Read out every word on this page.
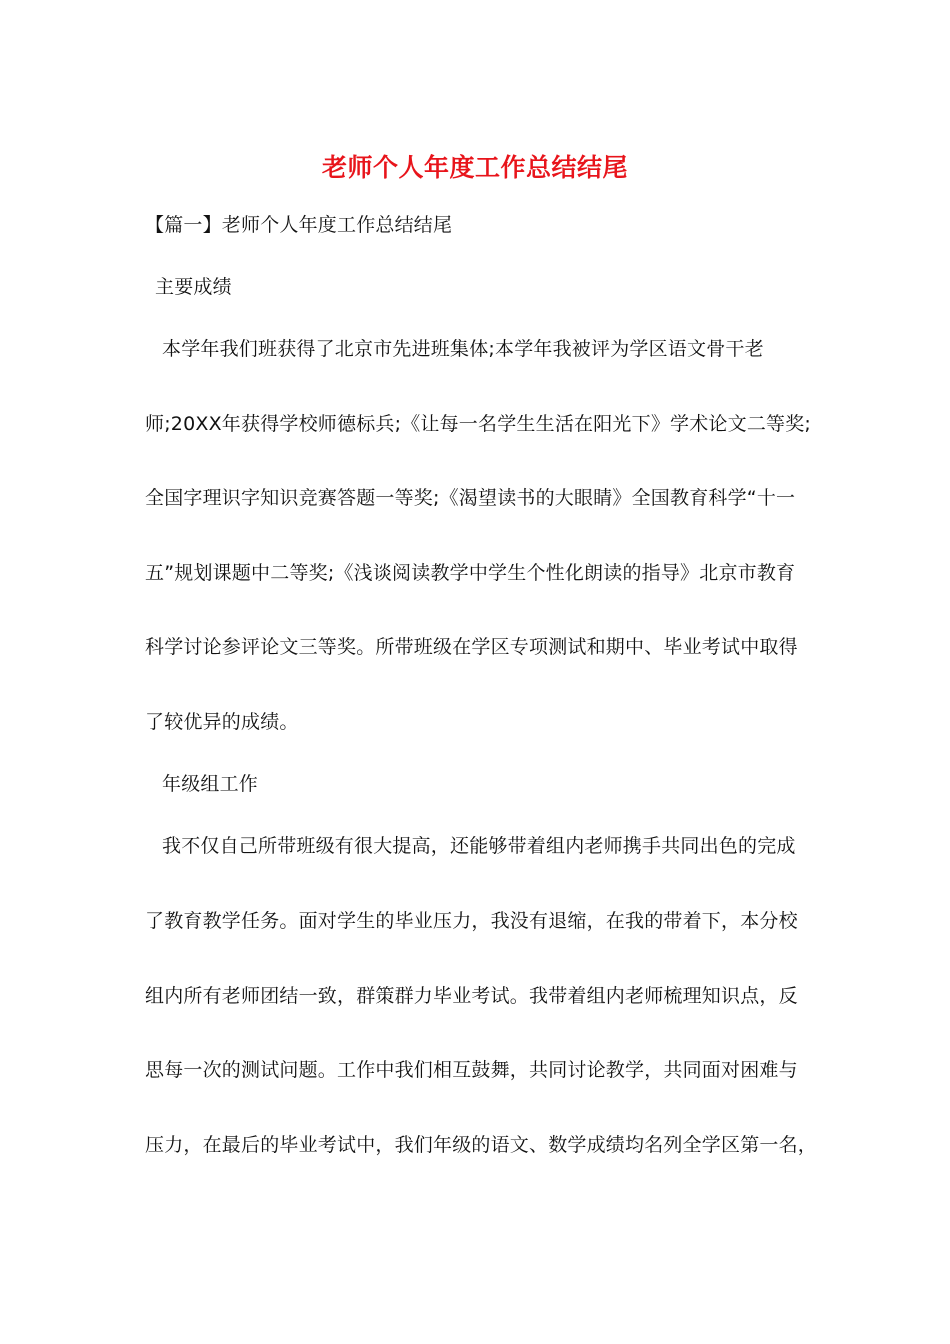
老师个人年度工作总结结尾
【篇一】老师个人年度工作总结结尾
主要成绩
本学年我们班获得了北京市先进班集体;本学年我被评为学区语文骨干老
师;20XX年获得学校师德标兵;《让每一名学生生活在阳光下》学术论文二等奖;
全国字理识字知识竞赛答题一等奖;《渴望读书的大眼睛》全国教育科学“十一
五”规划课题中二等奖;《浅谈阅读教学中学生个性化朗读的指导》北京市教育
科学讨论参评论文三等奖。所带班级在学区专项测试和期中、毕业考试中取得
了较优异的成绩。
年级组工作
我不仅自己所带班级有很大提高，还能够带着组内老师携手共同出色的完成
了教育教学任务。面对学生的毕业压力，我没有退缩，在我的带着下，本分校
组内所有老师团结一致，群策群力毕业考试。我带着组内老师梳理知识点，反
思每一次的测试问题。工作中我们相互鼓舞，共同讨论教学，共同面对困难与
压力，在最后的毕业考试中，我们年级的语文、数学成绩均名列全学区第一名，
